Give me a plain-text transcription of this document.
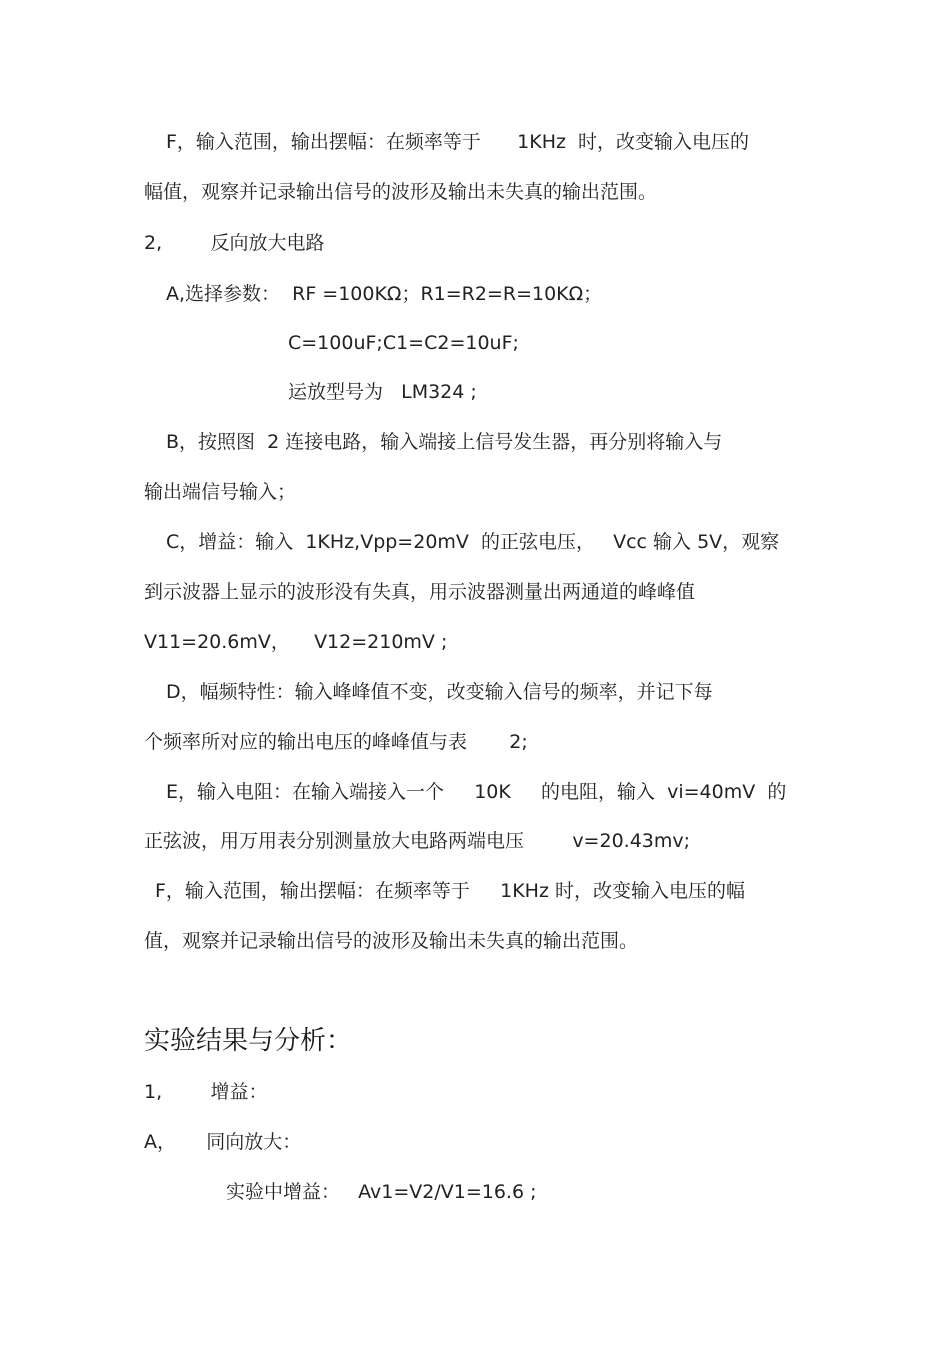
F，输入范围，输出摆幅：在频率等于      1KHz  时，改变输入电压的
幅值，观察并记录输出信号的波形及输出未失真的输出范围。
2,        反向放大电路
A,选择参数：  RF =100KΩ；R1=R2=R=10KΩ；
C=100uF;C1=C2=10uF;
运放型号为   LM324 ;
B，按照图  2 连接电路，输入端接上信号发生器，再分别将输入与
输出端信号输入；
C，增益：输入  1KHz,Vpp=20mV  的正弦电压，   Vcc 输入 5V，观察
到示波器上显示的波形没有失真，用示波器测量出两通道的峰峰值
V11=20.6mV，    V12=210mV ;
D，幅频特性：输入峰峰值不变，改变输入信号的频率，并记下每
个频率所对应的输出电压的峰峰值与表       2;
E，输入电阻：在输入端接入一个     10K     的电阻，输入  vi=40mV  的
正弦波，用万用表分别测量放大电路两端电压        v=20.43mv;
F，输入范围，输出摆幅：在频率等于     1KHz 时，改变输入电压的幅
值，观察并记录输出信号的波形及输出未失真的输出范围。
实验结果与分析：
1,        增益：
A，     同向放大：
实验中增益：   Av1=V2/V1=16.6 ;
